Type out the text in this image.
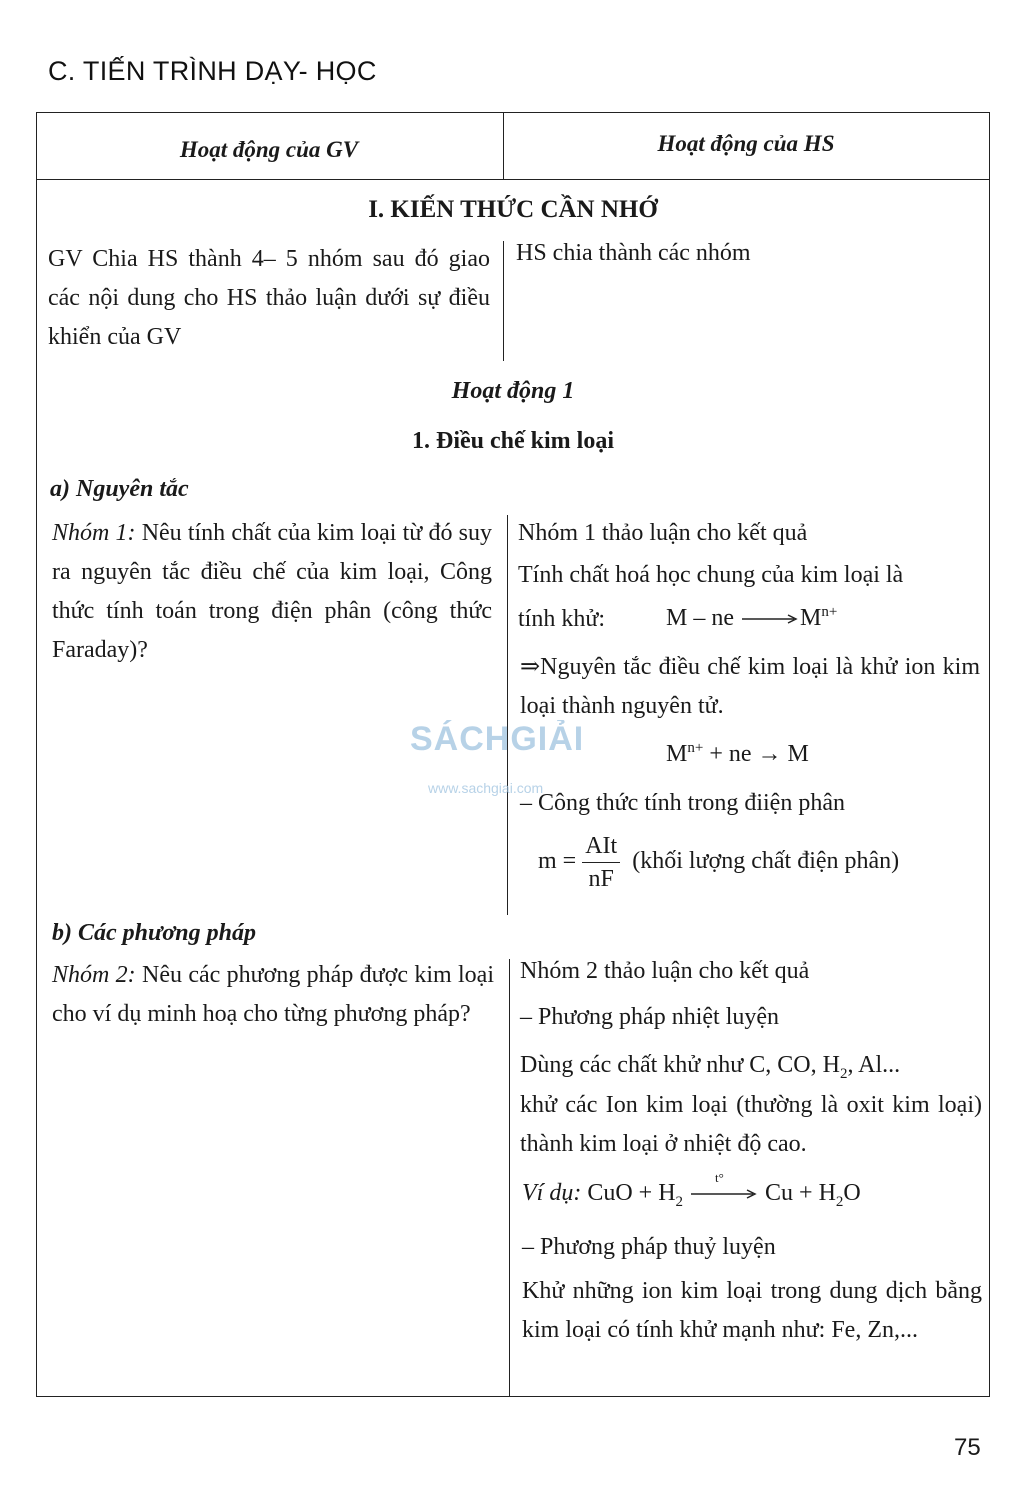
C. TIẾN TRÌNH DẠY- HỌC
Hoạt động của GV	Hoạt động của HS
I. KIẾN THỨC CẦN NHỚ
GV Chia HS thành 4– 5 nhóm sau đó giao các nội dung cho HS thảo luận dưới sự điều khiển của GV
HS chia thành các nhóm
Hoạt động 1
1. Điều chế kim loại
a) Nguyên tắc
Nhóm 1: Nêu tính chất của kim loại từ đó suy ra nguyên tắc điều chế của kim loại, Công thức tính toán trong điện phân (công thức Faraday)?
Nhóm 1 thảo luận cho kết quả
Tính chất hoá học chung của kim loại là
tính khử:	M – ne $\to M^{n+}$
⇒Nguyên tắc điều chế kim loại là khử ion kim loại thành nguyên tử.
$M^{n+}$ + ne → M
– Công thức tính trong điiện phân
$m = \frac{\text{AIt}}{nF}$ (khối lượng chất điện phân)
b) Các phương pháp
Nhóm 2: Nêu các phương pháp được kim loại cho ví dụ minh hoạ cho từng phương pháp?
Nhóm 2 thảo luận cho kết quả
– Phương pháp nhiệt luyện
Dùng các chất khử như C, CO, $H_2$, Al...
khử các Ion kim loại (thường là oxit kim loại) thành kim loại ở nhiệt độ cao.
Ví dụ: CuO + $H_2$
t°
$Cu + H_2O$
– Phương pháp thuỷ luyện
Khử những ion kim loại trong dung dịch bằng kim loại có tính khử mạnh như: Fe, Zn,...
SÁCHGIẢI
www.sachgiai.com
75
